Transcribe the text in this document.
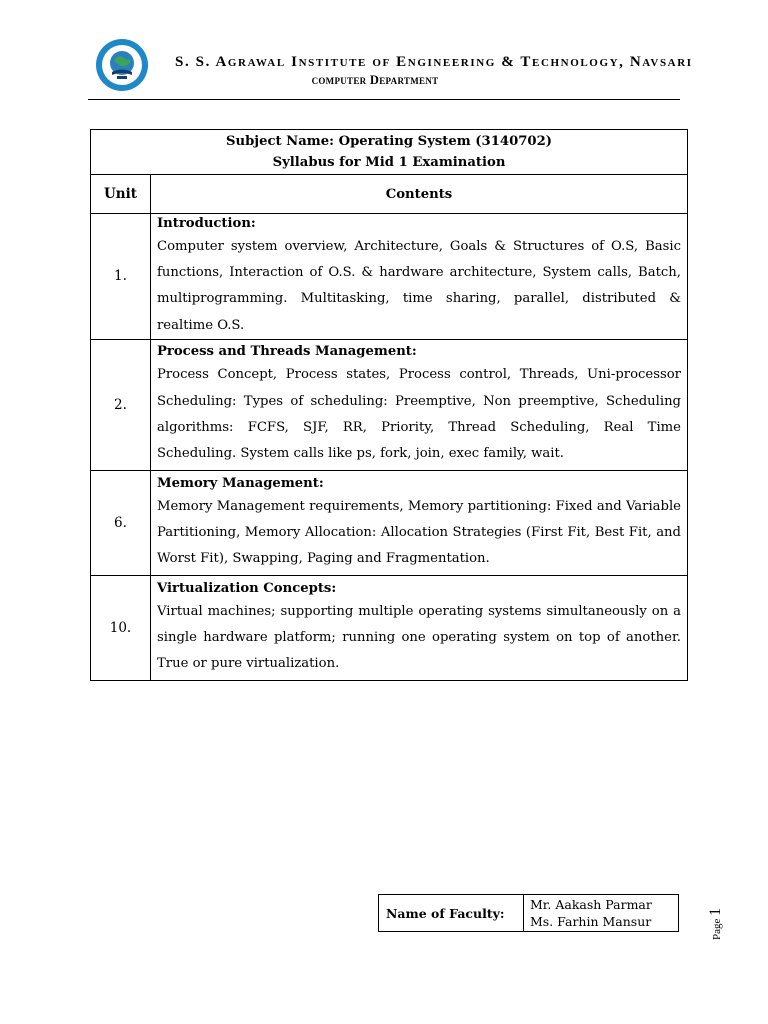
S. S. Agrawal Institute of Engineering & Technology, Navsari
computer Department
Subject Name: Operating System (3140702)
Syllabus for Mid 1 Examination	

Unit	Contents
1.	Introduction:
Computer system overview, Architecture, Goals & Structures of O.S, Basic functions, Interaction of O.S. & hardware architecture, System calls, Batch, multiprogramming. Multitasking, time sharing, parallel, distributed & realtime O.S.
2.	Process and Threads Management:
Process Concept, Process states, Process control, Threads, Uni-processor Scheduling: Types of scheduling: Preemptive, Non preemptive, Scheduling algorithms: FCFS, SJF, RR, Priority, Thread Scheduling, Real Time Scheduling. System calls like ps, fork, join, exec family, wait.
6.	Memory Management:
Memory Management requirements, Memory partitioning: Fixed and Variable Partitioning, Memory Allocation: Allocation Strategies (First Fit, Best Fit, and Worst Fit), Swapping, Paging and Fragmentation.
10.	Virtualization Concepts:
Virtual machines; supporting multiple operating systems simultaneously on a single hardware platform; running one operating system on top of another. True or pure virtualization.
Name of Faculty:	
Mr. Aakash Parmar
Ms. Farhin Mansur	Page 1
